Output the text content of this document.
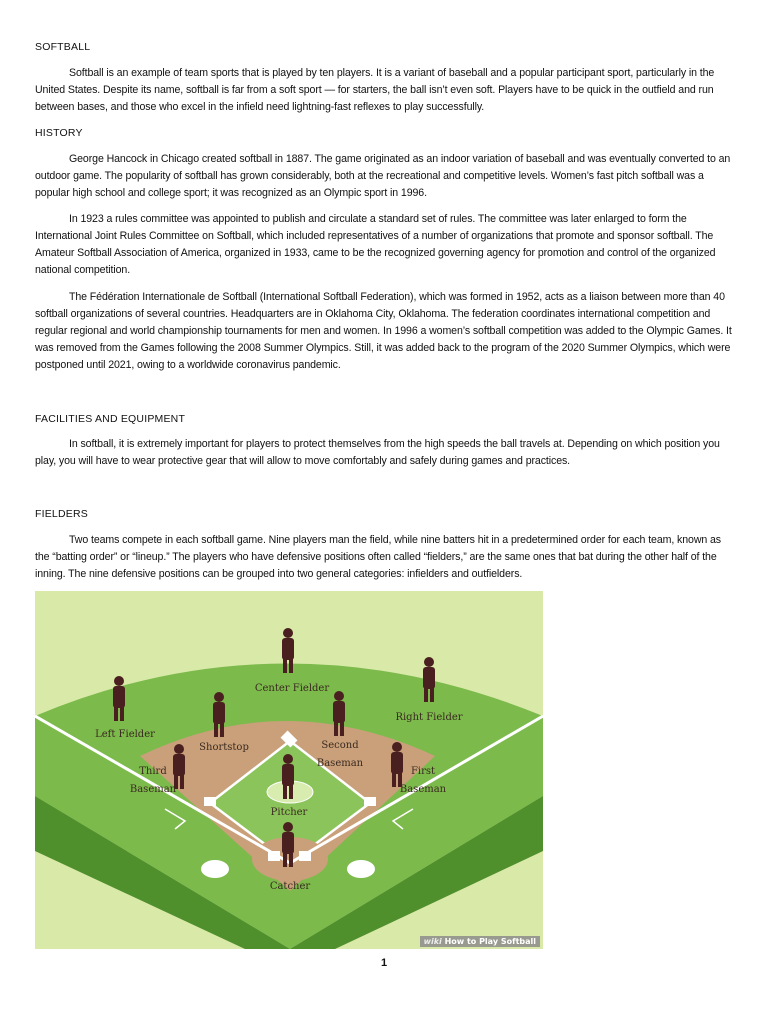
SOFTBALL
Softball is an example of team sports that is played by ten players. It is a variant of baseball and a popular participant sport, particularly in the United States. Despite its name, softball is far from a soft sport — for starters, the ball isn’t even soft. Players have to be quick in the outfield and run between bases, and those who excel in the infield need lightning-fast reflexes to play successfully.
HISTORY
George Hancock in Chicago created softball in 1887. The game originated as an indoor variation of baseball and was eventually converted to an outdoor game. The popularity of softball has grown considerably, both at the recreational and competitive levels. Women’s fast pitch softball was a popular high school and college sport; it was recognized as an Olympic sport in 1996.
In 1923 a rules committee was appointed to publish and circulate a standard set of rules. The committee was later enlarged to form the International Joint Rules Committee on Softball, which included representatives of a number of organizations that promote and sponsor softball. The Amateur Softball Association of America, organized in 1933, came to be the recognized governing agency for promotion and control of the organized national competition.
The Fédération Internationale de Softball (International Softball Federation), which was formed in 1952, acts as a liaison between more than 40 softball organizations of several countries. Headquarters are in Oklahoma City, Oklahoma. The federation coordinates international competition and regular regional and world championship tournaments for men and women. In 1996 a women’s softball competition was added to the Olympic Games. It was removed from the Games following the 2008 Summer Olympics. Still, it was added back to the program of the 2020 Summer Olympics, which were postponed until 2021, owing to a worldwide coronavirus pandemic.
FACILITIES AND EQUIPMENT
In softball, it is extremely important for players to protect themselves from the high speeds the ball travels at. Depending on which position you play, you will have to wear protective gear that will allow to move comfortably and safely during games and practices.
FIELDERS
Two teams compete in each softball game. Nine players man the field, while nine batters hit in a predetermined order for each team, known as the “batting order” or “lineup.” The players who have defensive positions often called “fielders,” are the same ones that bat during the other half of the inning. The nine defensive positions can be grouped into two general categories: infielders and outfielders.
Center Fielder
Left Fielder
Right Fielder
Shortstop	Second
Baseman
Third
Baseman
First
Baseman
Pitcher
Catcher
wiki How to Play Softball
1
